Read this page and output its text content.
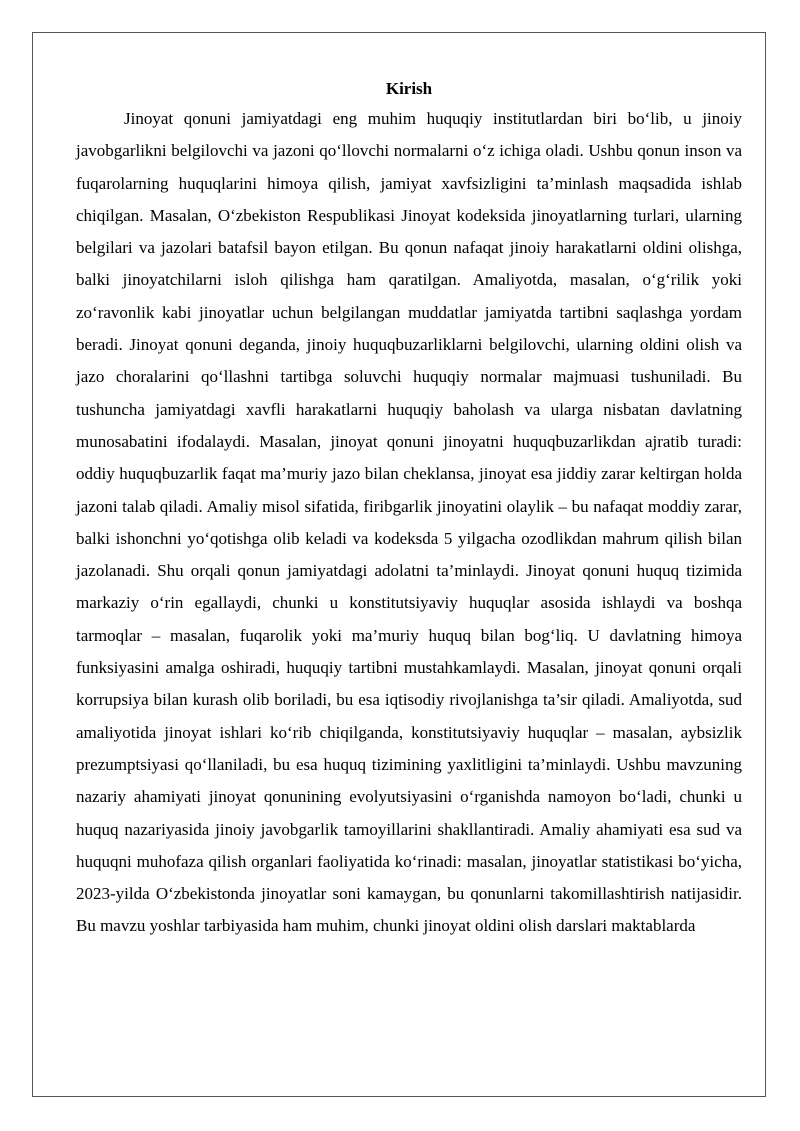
Kirish

Jinoyat qonuni jamiyatdagi eng muhim huquqiy institutlardan biri bo‘lib, u jinoiy javobgarlikni belgilovchi va jazoni qo‘llovchi normalarni o‘z ichiga oladi. Ushbu qonun inson va fuqarolarning huquqlarini himoya qilish, jamiyat xavfsizligini ta’minlash maqsadida ishlab chiqilgan. Masalan, O‘zbekiston Respublikasi Jinoyat kodeksida jinoyatlarning turlari, ularning belgilari va jazolari batafsil bayon etilgan. Bu qonun nafaqat jinoiy harakatlarni oldini olishga, balki jinoyatchilarni isloh qilishga ham qaratilgan. Amaliyotda, masalan, o‘g‘rilik yoki zo‘ravonlik kabi jinoyatlar uchun belgilangan muddatlar jamiyatda tartibni saqlashga yordam beradi. Jinoyat qonuni deganda, jinoiy huquqbuzarliklarni belgilovchi, ularning oldini olish va jazo choralarini qo‘llashni tartibga soluvchi huquqiy normalar majmuasi tushuniladi. Bu tushuncha jamiyatdagi xavfli harakatlarni huquqiy baholash va ularga nisbatan davlatning munosabatini ifodalaydi. Masalan, jinoyat qonuni jinoyatni huquqbuzarlikdan ajratib turadi: oddiy huquqbuzarlik faqat ma’muriy jazo bilan cheklansa, jinoyat esa jiddiy zarar keltirgan holda jazoni talab qiladi. Amaliy misol sifatida, firibgarlik jinoyatini olaylik – bu nafaqat moddiy zarar, balki ishonchni yo‘qotishga olib keladi va kodeksda 5 yilgacha ozodlikdan mahrum qilish bilan jazolanadi. Shu orqali qonun jamiyatdagi adolatni ta’minlaydi. Jinoyat qonuni huquq tizimida markaziy o‘rin egallaydi, chunki u konstitutsiyaviy huquqlar asosida ishlaydi va boshqa tarmoqlar – masalan, fuqarolik yoki ma’muriy huquq bilan bog‘liq. U davlatning himoya funksiyasini amalga oshiradi, huquqiy tartibni mustahkamlaydi. Masalan, jinoyat qonuni orqali korrupsiya bilan kurash olib boriladi, bu esa iqtisodiy rivojlanishga ta’sir qiladi. Amaliyotda, sud amaliyotida jinoyat ishlari ko‘rib chiqilganda, konstitutsiyaviy huquqlar – masalan, aybsizlik prezumptsiyasi qo‘llaniladi, bu esa huquq tizimining yaxlitligini ta’minlaydi. Ushbu mavzuning nazariy ahamiyati jinoyat qonunining evolyutsiyasini o‘rganishda namoyon bo‘ladi, chunki u huquq nazariyasida jinoiy javobgarlik tamoyillarini shakllantiradi. Amaliy ahamiyati esa sud va huquqni muhofaza qilish organlari faoliyatida ko‘rinadi: masalan, jinoyatlar statistikasi bo‘yicha, 2023-yilda O‘zbekistonda jinoyatlar soni kamaygan, bu qonunlarni takomillashtirish natijasidir. Bu mavzu yoshlar tarbiyasida ham muhim, chunki jinoyat oldini olish darslari maktablarda
